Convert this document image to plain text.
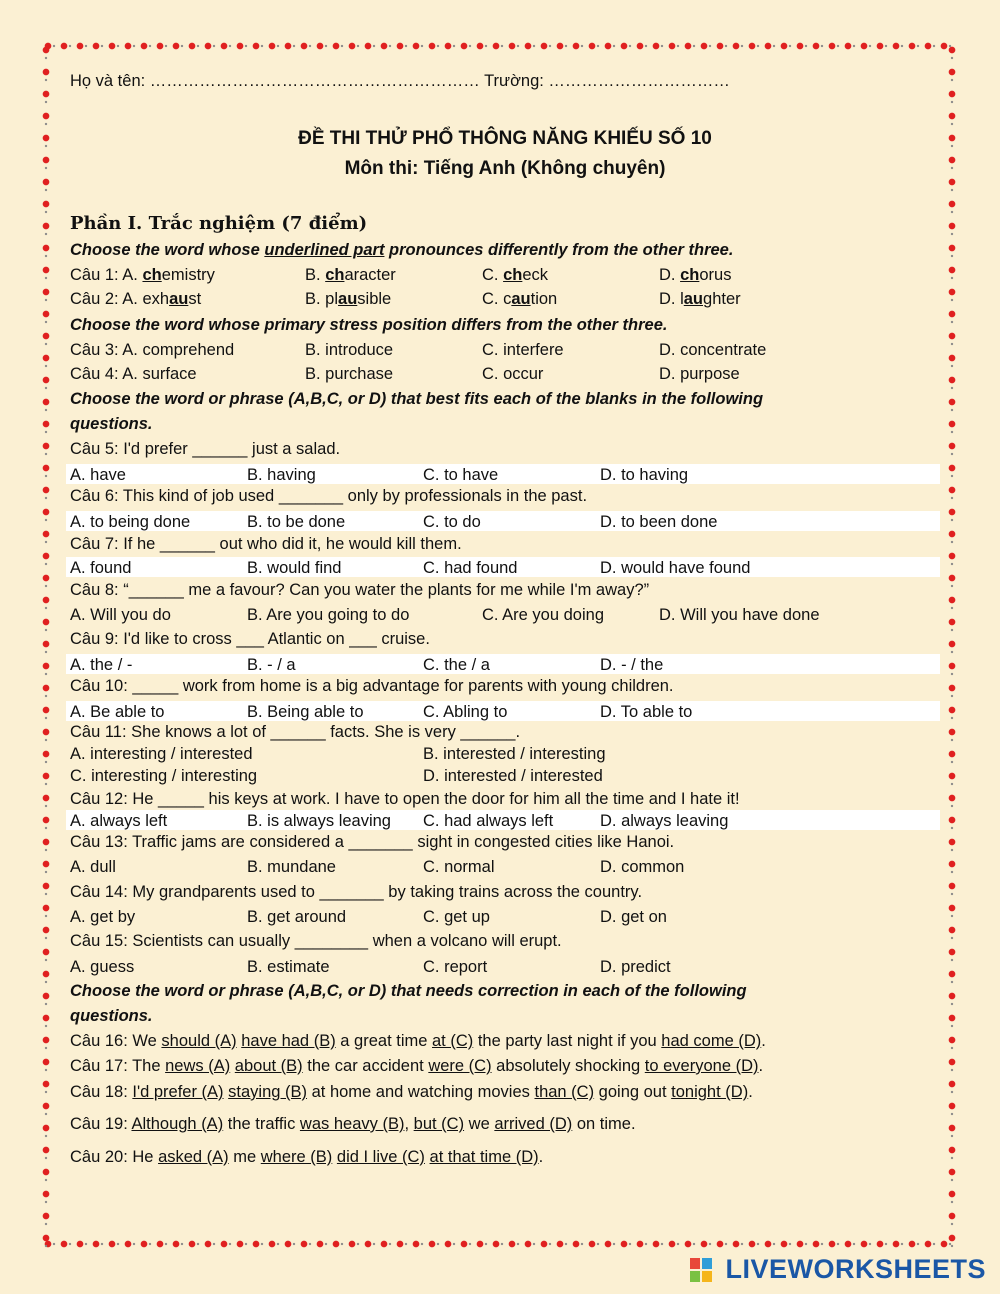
Họ và tên: …………………………………………………… Trường: ……………………………
ĐỀ THI THỬ PHỔ THÔNG NĂNG KHIẾU SỐ 10
Môn thi: Tiếng Anh (Không chuyên)
Phần I. Trắc nghiệm (7 điểm)
Choose the word whose underlined part pronounces differently from the other three.
Câu 1: A. chemistry	B. character	C. check	D. chorus
Câu 2: A. exhaust	B. plausible	C. caution	D. laughter
Choose the word whose primary stress position differs from the other three.
Câu 3: A. comprehend	B. introduce	C. interfere	D. concentrate
Câu 4: A. surface	B. purchase	C. occur	D. purpose
Choose the word or phrase (A,B,C, or D) that best fits each of the blanks in the following
questions.
Câu 5: I'd prefer ______ just a salad.
A. have	B. having	C. to have	D. to having
Câu 6: This kind of job used _______ only by professionals in the past.
A. to being done	B. to be done	C. to do	D. to been done
Câu 7: If he ______ out who did it, he would kill them.
A. found	B. would find	C. had found	D. would have found
Câu 8: “______ me a favour? Can you water the plants for me while I'm away?”
A. Will you do	B. Are you going to do	C. Are you doing	D. Will you have done
Câu 9: I'd like to cross ___ Atlantic on ___ cruise.
A. the / -	B. - / a	C. the / a	D. - / the
Câu 10: _____ work from home is a big advantage for parents with young children.
A. Be able to	B. Being able to	C. Abling to	D. To able to
Câu 11: She knows a lot of ______ facts. She is very ______.
A. interesting / interested	B. interested / interesting
C. interesting / interesting	D. interested / interested
Câu 12: He _____ his keys at work. I have to open the door for him all the time and I hate it!
A. always left	B. is always leaving C. had always left	D. always leaving
Câu 13: Traffic jams are considered a _______ sight in congested cities like Hanoi.
A. dull	B. mundane	C. normal	D. common
Câu 14: My grandparents used to _______ by taking trains across the country.
A. get by	B. get around	C. get up	D. get on
Câu 15: Scientists can usually ________ when a volcano will erupt.
A. guess	B. estimate	C. report	D. predict
Choose the word or phrase (A,B,C, or D) that needs correction in each of the following
questions.
Câu 16: We should (A) have had (B) a great time at (C) the party last night if you had come (D).
Câu 17: The news (A) about (B) the car accident were (C) absolutely shocking to everyone (D).
Câu 18: I'd prefer (A) staying (B) at home and watching movies than (C) going out tonight (D).
Câu 19: Although (A) the traffic was heavy (B), but (C) we arrived (D) on time.
Câu 20: He asked (A) me where (B) did I live (C) at that time (D).
LIVEWORKSHEETS
